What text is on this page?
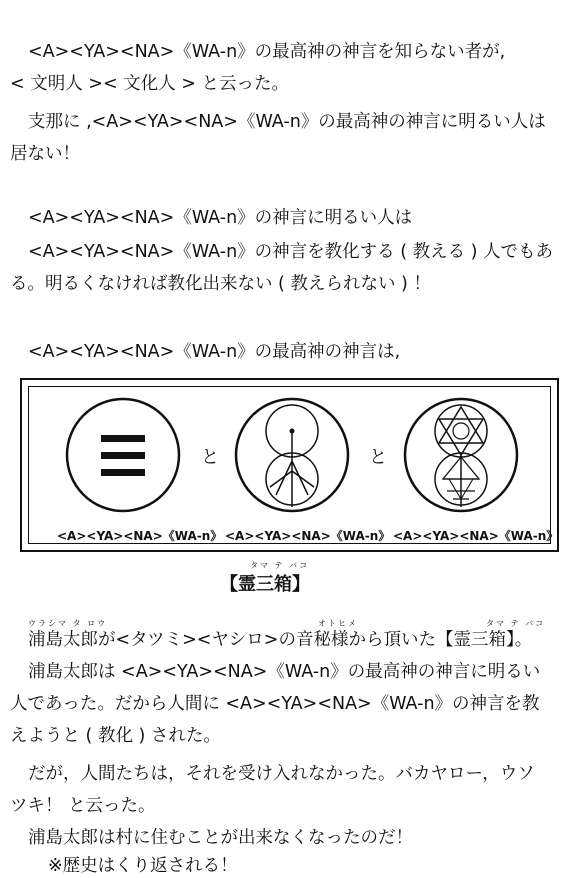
<A><YA><NA>《WA-n》の最高神の神言を知らない者が,
< 文明人 >< 文化人 > と云った。
支那に ,<A><YA><NA>《WA-n》の最高神の神言に明るい人は
居ない！
<A><YA><NA>《WA-n》の神言に明るい人は
<A><YA><NA>《WA-n》の神言を教化する ( 教える ) 人でもあ
る。明るくなければ教化出来ない ( 教えられない ) ！
<A><YA><NA>《WA-n》の最高神の神言は,
と	と
<A><YA><NA>《WA-n》 <A><YA><NA>《WA-n》 <A><YA><NA>《WA-n》
タマ テ バコ
【霊三箱】
ウラシマ タ ロウ	オトヒメ	タマ テ バコ
浦島太郎が<タツミ><ヤシロ>の音秘様から頂いた【霊三箱】。
浦島太郎は <A><YA><NA>《WA-n》の最高神の神言に明るい
人であった。だから人間に <A><YA><NA>《WA-n》の神言を教
えようと ( 教化 ) された。
だが，人間たちは，それを受け入れなかった。バカヤロー，ウソ
ツキ！ と云った。
浦島太郎は村に住むことが出来なくなったのだ！
※歴史はくり返される！
